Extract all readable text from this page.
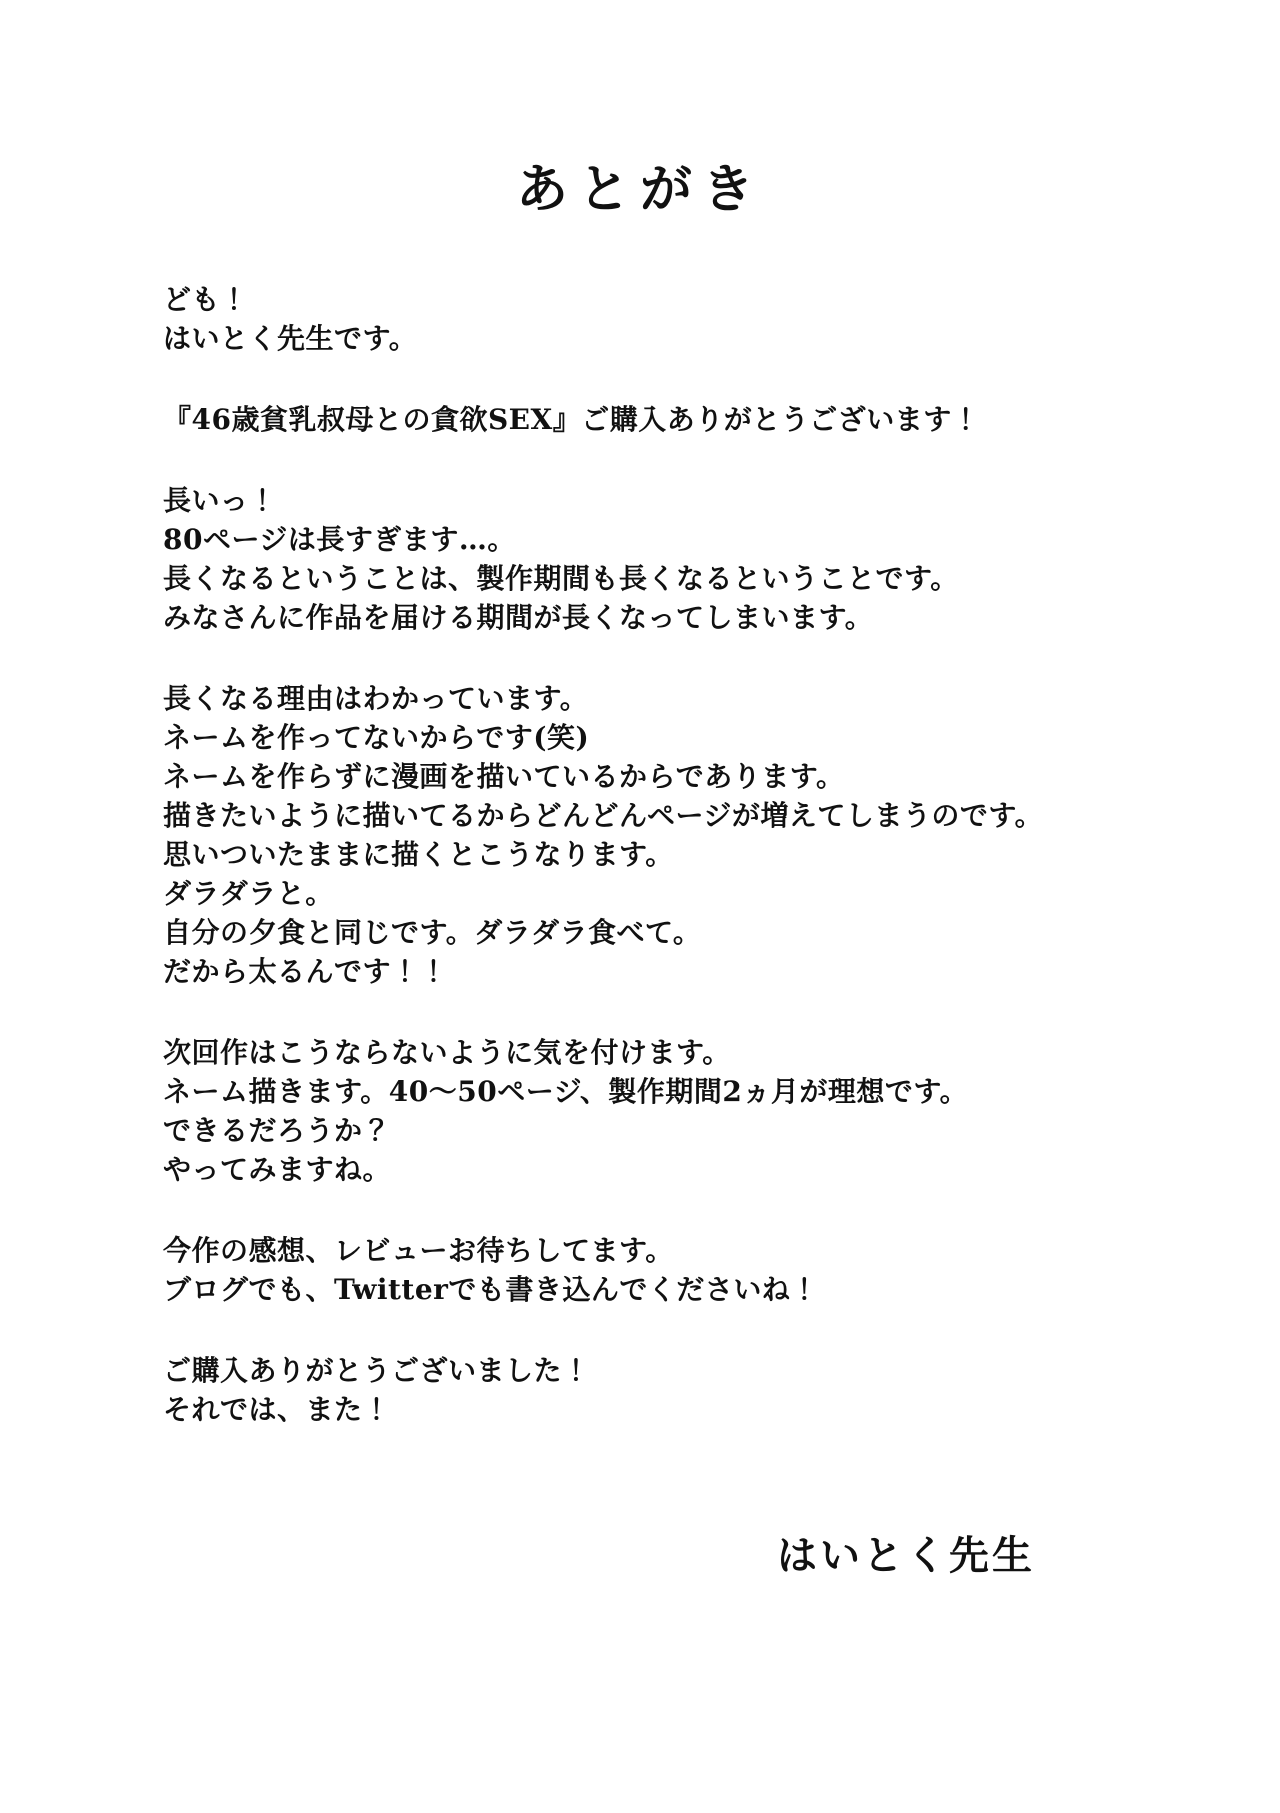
あとがき

ども！

はいとく先生です。

『46歳貧乳叔母との貪欲SEX』ご購入ありがとうございます！

長いっ！

80ページは長すぎます…。

長くなるということは、製作期間も長くなるということです。

みなさんに作品を届ける期間が長くなってしまいます。

長くなる理由はわかっています。

ネームを作ってないからです(笑)

ネームを作らずに漫画を描いているからであります。

描きたいように描いてるからどんどんページが増えてしまうのです。

思いついたままに描くとこうなります。

ダラダラと。

自分の夕食と同じです。ダラダラ食べて。

だから太るんです！！

次回作はこうならないように気を付けます。

ネーム描きます。40〜50ページ、製作期間2ヵ月が理想です。

できるだろうか？

やってみますね。

今作の感想、レビューお待ちしてます。

ブログでも、Twitterでも書き込んでくださいね！

ご購入ありがとうございました！

それでは、また！

はいとく先生
